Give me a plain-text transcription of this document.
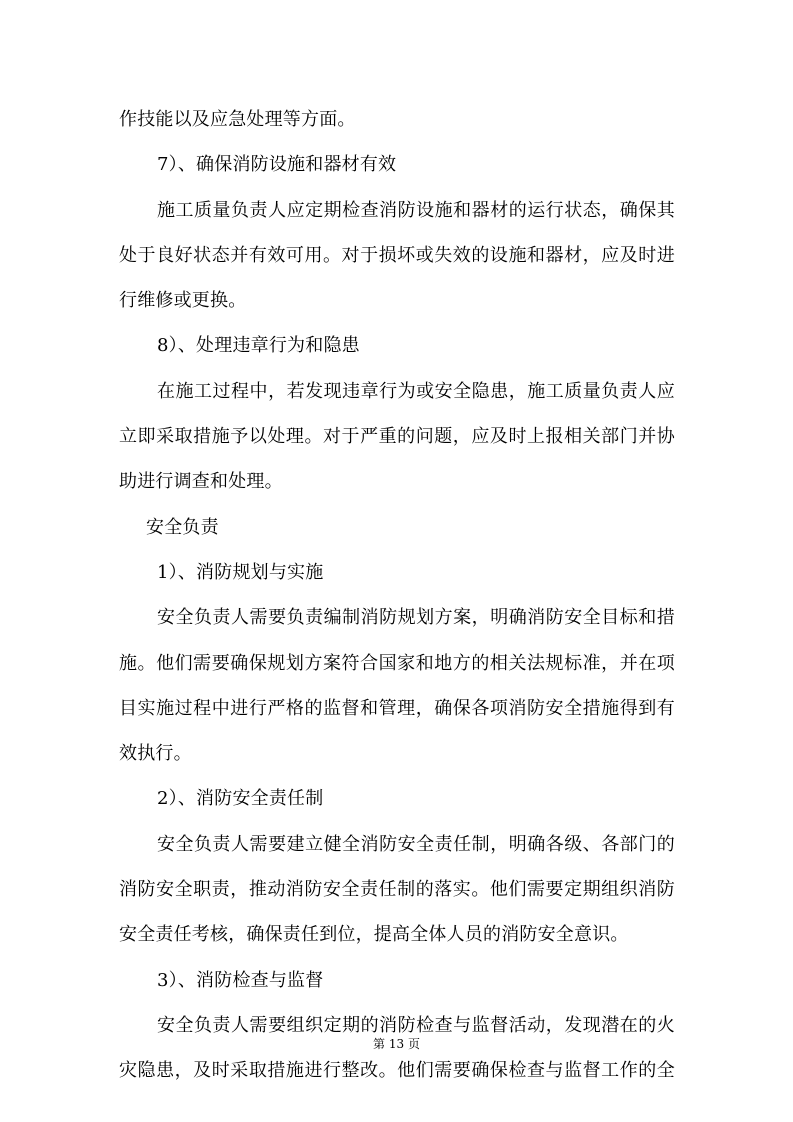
作技能以及应急处理等方面。
7）、确保消防设施和器材有效
施工质量负责人应定期检查消防设施和器材的运行状态，确保其
处于良好状态并有效可用。对于损坏或失效的设施和器材，应及时进
行维修或更换。
8）、处理违章行为和隐患
在施工过程中，若发现违章行为或安全隐患，施工质量负责人应
立即采取措施予以处理。对于严重的问题，应及时上报相关部门并协
助进行调查和处理。
安全负责
1）、消防规划与实施
安全负责人需要负责编制消防规划方案，明确消防安全目标和措
施。他们需要确保规划方案符合国家和地方的相关法规标准，并在项
目实施过程中进行严格的监督和管理，确保各项消防安全措施得到有
效执行。
2）、消防安全责任制
安全负责人需要建立健全消防安全责任制，明确各级、各部门的
消防安全职责，推动消防安全责任制的落实。他们需要定期组织消防
安全责任考核，确保责任到位，提高全体人员的消防安全意识。
3）、消防检查与监督
安全负责人需要组织定期的消防检查与监督活动，发现潜在的火
灾隐患，及时采取措施进行整改。他们需要确保检查与监督工作的全
第 13 页
